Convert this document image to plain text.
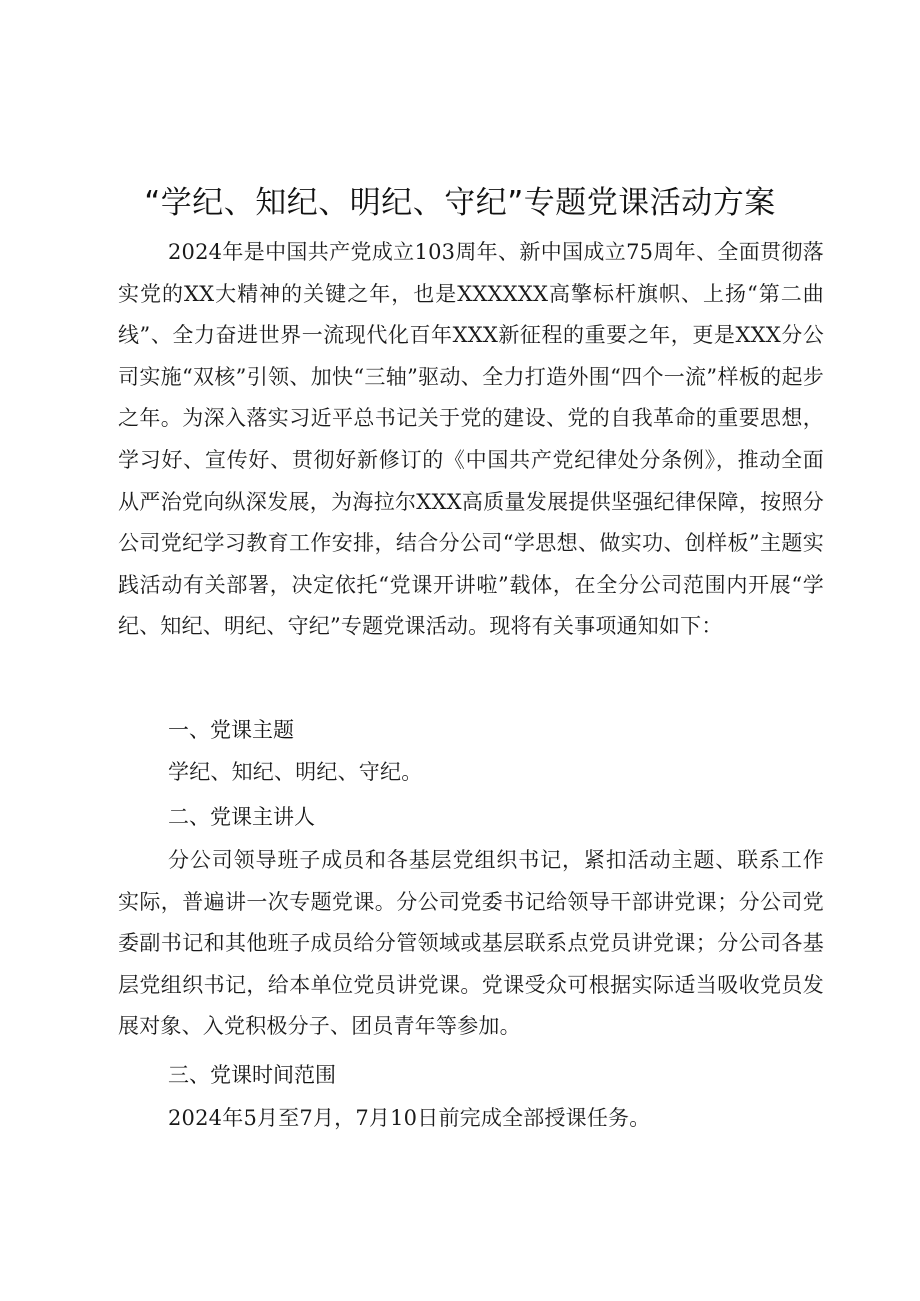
“学纪、知纪、明纪、守纪”专题党课活动方案

2024年是中国共产党成立103周年、新中国成立75周年、全面贯彻落实党的XX大精神的关键之年，也是XXXXXX高擎标杆旗帜、上扬“第二曲线”、全力奋进世界一流现代化百年XXX新征程的重要之年，更是XXX分公司实施“双核”引领、加快“三轴”驱动、全力打造外围“四个一流”样板的起步之年。为深入落实习近平总书记关于党的建设、党的自我革命的重要思想，学习好、宣传好、贯彻好新修订的《中国共产党纪律处分条例》，推动全面从严治党向纵深发展，为海拉尔XXX高质量发展提供坚强纪律保障，按照分公司党纪学习教育工作安排，结合分公司“学思想、做实功、创样板”主题实践活动有关部署，决定依托“党课开讲啦”载体，在全分公司范围内开展“学纪、知纪、明纪、守纪”专题党课活动。现将有关事项通知如下：

一、党课主题

学纪、知纪、明纪、守纪。

二、党课主讲人

分公司领导班子成员和各基层党组织书记，紧扣活动主题、联系工作实际，普遍讲一次专题党课。分公司党委书记给领导干部讲党课；分公司党委副书记和其他班子成员给分管领域或基层联系点党员讲党课；分公司各基层党组织书记，给本单位党员讲党课。党课受众可根据实际适当吸收党员发展对象、入党积极分子、团员青年等参加。

三、党课时间范围

2024年5月至7月，7月10日前完成全部授课任务。
